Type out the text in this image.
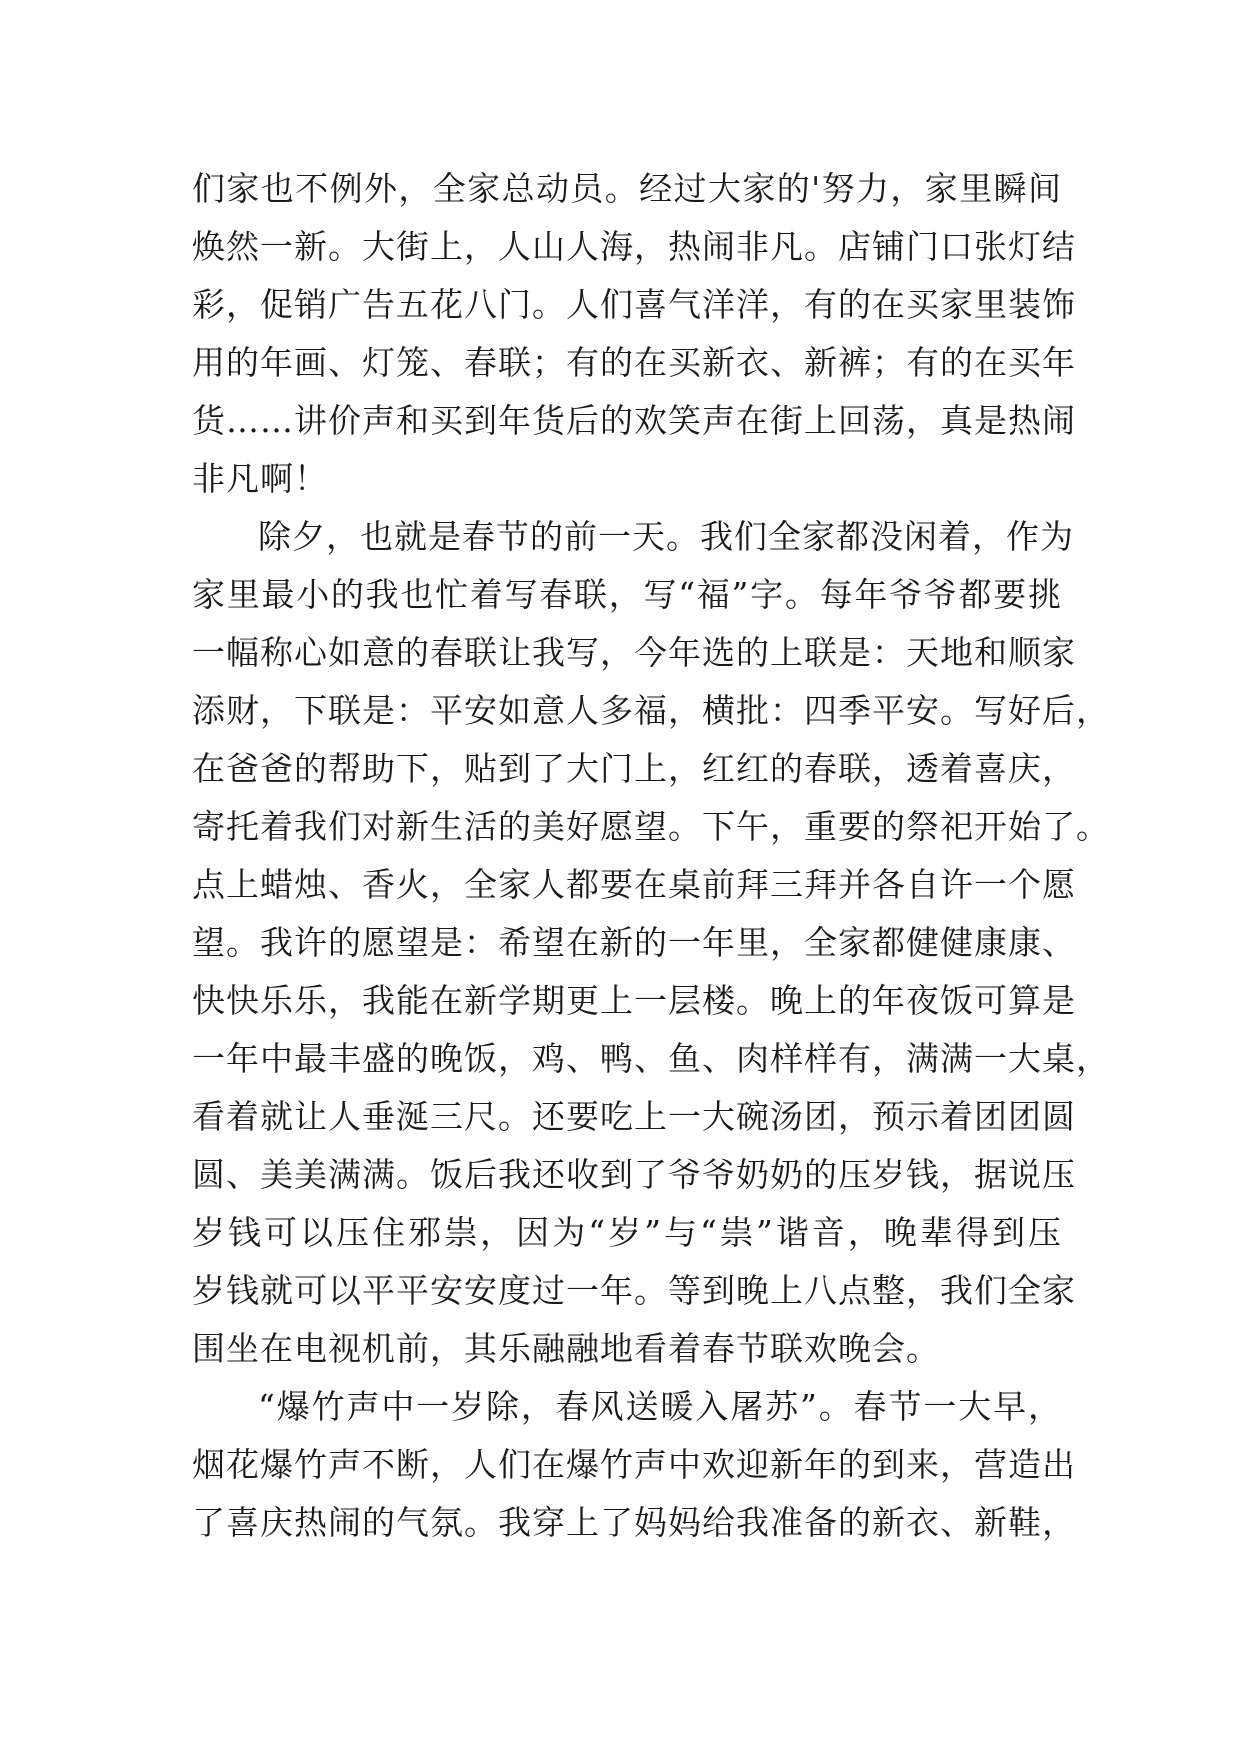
们家也不例外，全家总动员。经过大家的'努力，家里瞬间
焕然一新。大街上，人山人海，热闹非凡。店铺门口张灯结
彩，促销广告五花八门。人们喜气洋洋，有的在买家里装饰
用的年画、灯笼、春联；有的在买新衣、新裤；有的在买年
货……讲价声和买到年货后的欢笑声在街上回荡，真是热闹
非凡啊！
除夕，也就是春节的前一天。我们全家都没闲着，作为
家里最小的我也忙着写春联，写“福”字。每年爷爷都要挑
一幅称心如意的春联让我写，今年选的上联是：天地和顺家
添财，下联是：平安如意人多福，横批：四季平安。写好后，
在爸爸的帮助下，贴到了大门上，红红的春联，透着喜庆，
寄托着我们对新生活的美好愿望。下午，重要的祭祀开始了。
点上蜡烛、香火，全家人都要在桌前拜三拜并各自许一个愿
望。我许的愿望是：希望在新的一年里，全家都健健康康、
快快乐乐，我能在新学期更上一层楼。晚上的年夜饭可算是
一年中最丰盛的晚饭，鸡、鸭、鱼、肉样样有，满满一大桌，
看着就让人垂涎三尺。还要吃上一大碗汤团，预示着团团圆
圆、美美满满。饭后我还收到了爷爷奶奶的压岁钱，据说压
岁钱可以压住邪祟，因为“岁”与“祟”谐音，晚辈得到压
岁钱就可以平平安安度过一年。等到晚上八点整，我们全家
围坐在电视机前，其乐融融地看着春节联欢晚会。
“爆竹声中一岁除，春风送暖入屠苏”。春节一大早，
烟花爆竹声不断，人们在爆竹声中欢迎新年的到来，营造出
了喜庆热闹的气氛。我穿上了妈妈给我准备的新衣、新鞋，
